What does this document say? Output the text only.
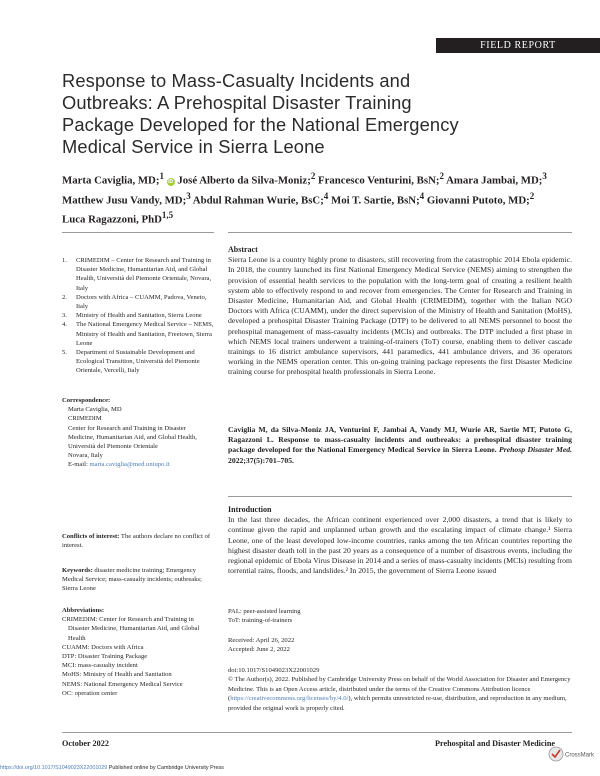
FIELD REPORT
Response to Mass-Casualty Incidents and Outbreaks: A Prehospital Disaster Training Package Developed for the National Emergency Medical Service in Sierra Leone
Marta Caviglia, MD;$^1$ iD José Alberto da Silva-Moniz;$^2$ Francesco Venturini, BsN;$^2$ Amara Jambai, MD;$^3$
Matthew Jusu Vandy, MD;$^3$ Abdul Rahman Wurie, BsC;$^4$ Moi T. Sartie, BsN;$^4$ Giovanni Putoto, MD;$^2$
Luca Ragazzoni, PhD$^{1,5}$
1. CRIMEDIM – Center for Research and Training in Disaster Medicine, Humanitarian Aid, and Global Health, Università del Piemonte Orientale, Novara, Italy
2. Doctors with Africa – CUAMM, Padova, Veneto, Italy
3. Ministry of Health and Sanitation, Sierra Leone
4. The National Emergency Medical Service – NEMS, Ministry of Health and Sanitation, Freetown, Sierra Leone
5. Department of Sustainable Development and Ecological Transition, Università del Piemonte Orientale, Vercelli, Italy
Correspondence:
Marta Caviglia, MD
CRIMEDIM
Center for Research and Training in Disaster Medicine, Humanitarian Aid, and Global Health, Università del Piemonte Orientale
Novara, Italy
E-mail: marta.caviglia@med.uniupo.it
Conflicts of interest: The authors declare no conflict of interest.
Keywords: disaster medicine training; Emergency Medical Service; mass-casualty incidents; outbreaks; Sierra Leone
Abbreviations:
CRIMEDIM: Center for Research and Training in Disaster Medicine, Humanitarian Aid, and Global Health
CUAMM: Doctors with Africa
DTP: Disaster Training Package
MCI: mass-casualty incident
MoHS: Ministry of Health and Sanitation
NEMS: National Emergency Medical Service
OC: operation center
Abstract
Sierra Leone is a country highly prone to disasters, still recovering from the catastrophic 2014 Ebola epidemic. In 2018, the country launched its first National Emergency Medical Service (NEMS) aiming to strengthen the provision of essential health services to the population with the long-term goal of creating a resilient health system able to effectively respond to and recover from emergencies. The Center for Research and Training in Disaster Medicine, Humanitarian Aid, and Global Health (CRIMEDIM), together with the Italian NGO Doctors with Africa (CUAMM), under the direct supervision of the Ministry of Health and Sanitation (MoHS), developed a prehospital Disaster Training Package (DTP) to be delivered to all NEMS personnel to boost the prehospital management of mass-casualty incidents (MCIs) and outbreaks. The DTP included a first phase in which NEMS local trainers underwent a training-of-trainers (ToT) course, enabling them to deliver cascade trainings to 16 district ambulance supervisors, 441 paramedics, 441 ambulance drivers, and 36 operators working in the NEMS operation center. This on-going training package represents the first Disaster Medicine training course for prehospital health professionals in Sierra Leone.
Caviglia M, da Silva-Moniz JA, Venturini F, Jambai A, Vandy MJ, Wurie AR, Sartie MT, Putoto G, Ragazzoni L. Response to mass-casualty incidents and outbreaks: a prehospital disaster training package developed for the National Emergency Medical Service in Sierra Leone. Prehosp Disaster Med. 2022;37(5):701–705.
Introduction
In the last three decades, the African continent experienced over 2,000 disasters, a trend that is likely to continue given the rapid and unplanned urban growth and the escalating impact of climate change.¹ Sierra Leone, one of the least developed low-income countries, ranks among the ten African countries reporting the highest disaster death toll in the past 20 years as a consequence of a number of disastrous events, including the regional epidemic of Ebola Virus Disease in 2014 and a series of mass-casualty incidents (MCIs) resulting from torrential rains, floods, and landslides.² In 2015, the government of Sierra Leone issued
PAL: peer-assisted learning
ToT: training-of-trainers
Received: April 26, 2022
Accepted: June 2, 2022
doi:10.1017/S1049023X22001029
© The Author(s), 2022. Published by Cambridge University Press on behalf of the World Association for Disaster and Emergency Medicine. This is an Open Access article, distributed under the terms of the Creative Commons Attribution licence (https://creativecommons.org/licenses/by/4.0/), which permits unrestricted re-use, distribution, and reproduction in any medium, provided the original work is properly cited.
October 2022	Prehospital and Disaster Medicine
CrossMark
https://doi.org/10.1017/S1049023X22001029 Published online by Cambridge University Press
